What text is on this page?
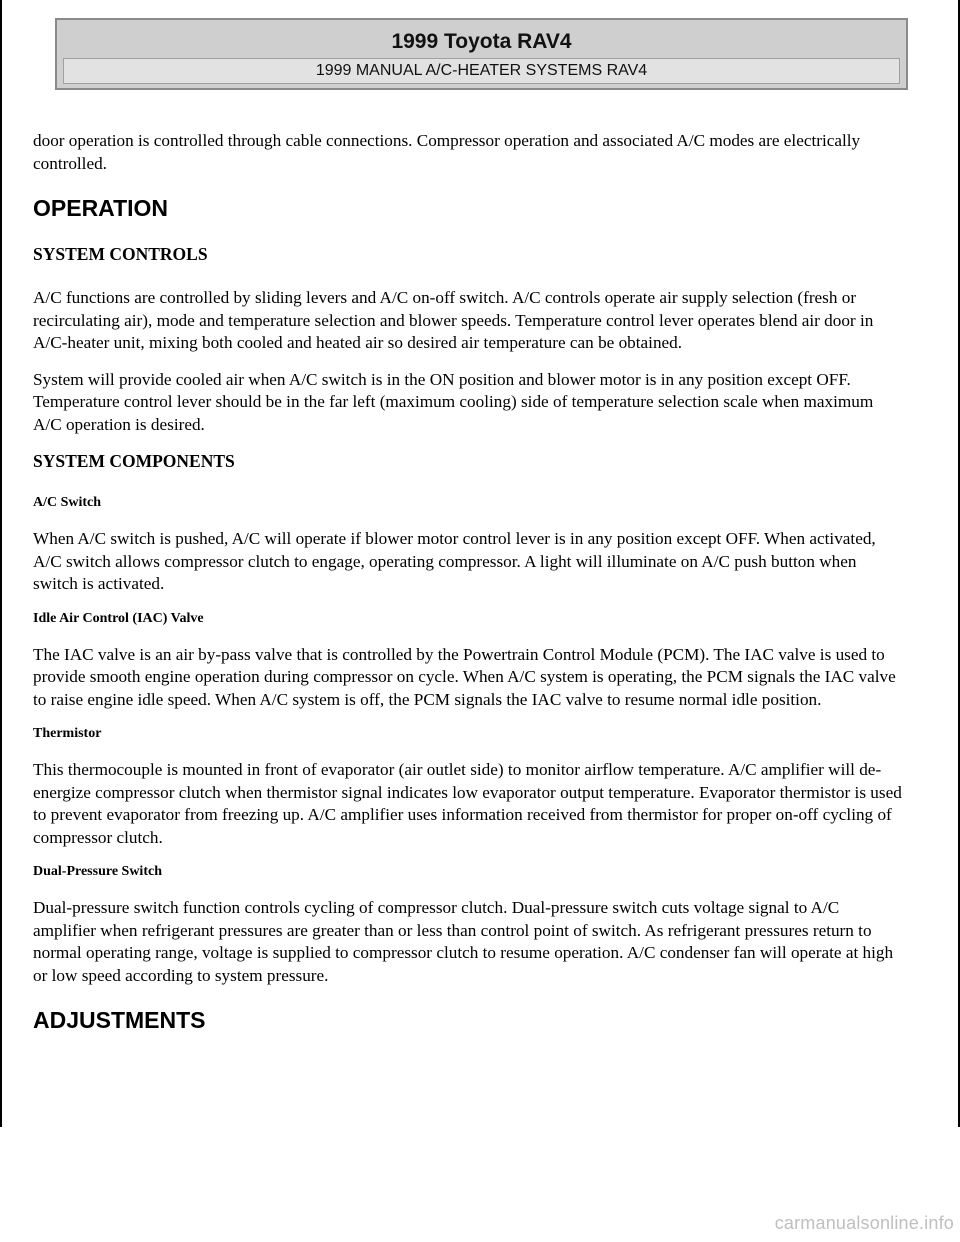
1999 Toyota RAV4
1999 MANUAL A/C-HEATER SYSTEMS RAV4

door operation is controlled through cable connections. Compressor operation and associated A/C modes are electrically controlled.

OPERATION
SYSTEM CONTROLS

A/C functions are controlled by sliding levers and A/C on-off switch. A/C controls operate air supply selection (fresh or recirculating air), mode and temperature selection and blower speeds. Temperature control lever operates blend air door in A/C-heater unit, mixing both cooled and heated air so desired air temperature can be obtained.

System will provide cooled air when A/C switch is in the ON position and blower motor is in any position except OFF. Temperature control lever should be in the far left (maximum cooling) side of temperature selection scale when maximum A/C operation is desired.

SYSTEM COMPONENTS
A/C Switch

When A/C switch is pushed, A/C will operate if blower motor control lever is in any position except OFF. When activated, A/C switch allows compressor clutch to engage, operating compressor. A light will illuminate on A/C push button when switch is activated.

Idle Air Control (IAC) Valve

The IAC valve is an air by-pass valve that is controlled by the Powertrain Control Module (PCM). The IAC valve is used to provide smooth engine operation during compressor on cycle. When A/C system is operating, the PCM signals the IAC valve to raise engine idle speed. When A/C system is off, the PCM signals the IAC valve to resume normal idle position.

Thermistor

This thermocouple is mounted in front of evaporator (air outlet side) to monitor airflow temperature. A/C amplifier will de-energize compressor clutch when thermistor signal indicates low evaporator output temperature. Evaporator thermistor is used to prevent evaporator from freezing up. A/C amplifier uses information received from thermistor for proper on-off cycling of compressor clutch.

Dual-Pressure Switch

Dual-pressure switch function controls cycling of compressor clutch. Dual-pressure switch cuts voltage signal to A/C amplifier when refrigerant pressures are greater than or less than control point of switch. As refrigerant pressures return to normal operating range, voltage is supplied to compressor clutch to resume operation. A/C condenser fan will operate at high or low speed according to system pressure.

ADJUSTMENTS
carmanualsonline.info
